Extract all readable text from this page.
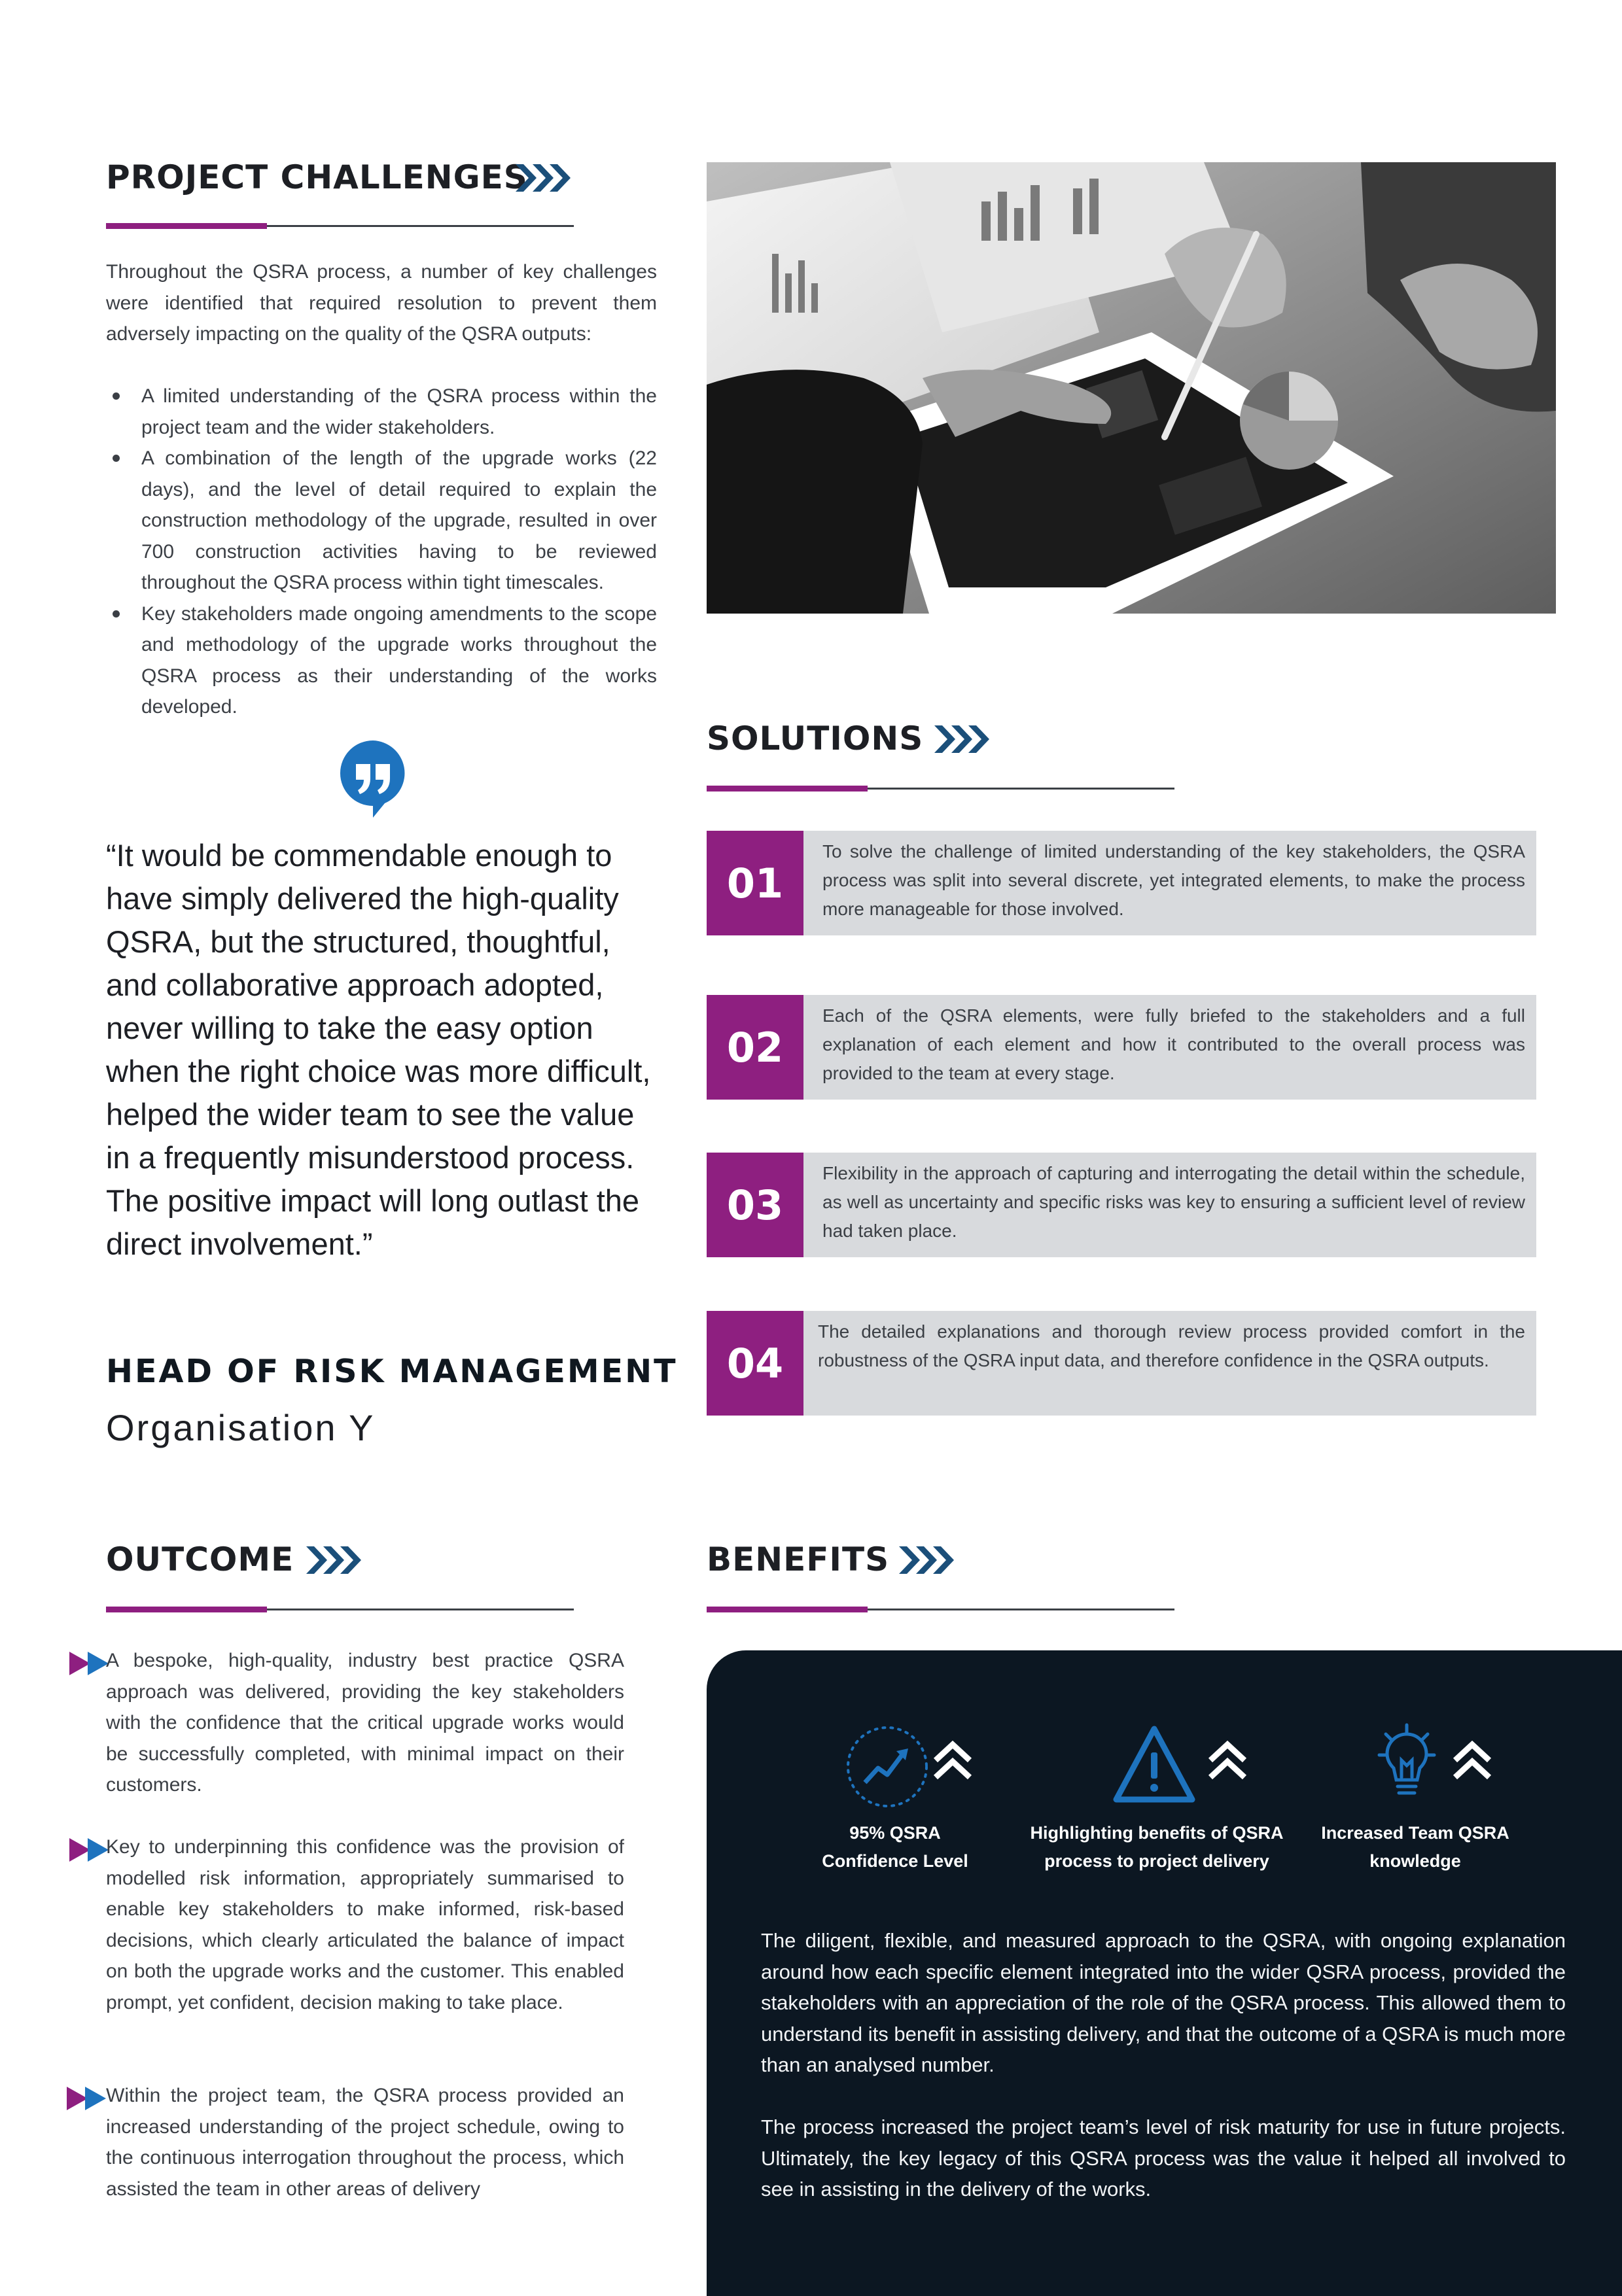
PROJECT CHALLENGES
Throughout the QSRA process, a number of key challenges were identified that required resolution to prevent them adversely impacting on the quality of the QSRA outputs:
A limited understanding of the QSRA process within the project team and the wider stakeholders.
A combination of the length of the upgrade works (22 days), and the level of detail required to explain the construction methodology of the upgrade, resulted in over 700 construction activities having to be reviewed throughout the QSRA process within tight timescales.
Key stakeholders made ongoing amendments to the scope and methodology of the upgrade works throughout the QSRA process as their understanding of the works developed.
“It would be commendable enough to have simply delivered the high-quality QSRA, but the structured, thoughtful, and collaborative approach adopted, never willing to take the easy option when the right choice was more difficult, helped the wider team to see the value in a frequently misunderstood process. The positive impact will long outlast the direct involvement.”
HEAD OF RISK MANAGEMENT
Organisation Y
SOLUTIONS
01
To solve the challenge of limited understanding of the key stakeholders, the QSRA process was split into several discrete, yet integrated elements, to make the process more manageable for those involved.
02
Each of the QSRA elements, were fully briefed to the stakeholders and a full explanation of each element and how it contributed to the overall process was provided to the team at every stage.
03
Flexibility in the approach of capturing and interrogating the detail within the schedule, as well as uncertainty and specific risks was key to ensuring a sufficient level of review had taken place.
04
The detailed explanations and thorough review process provided comfort in the robustness of the QSRA input data, and therefore confidence in the QSRA outputs.
OUTCOME
A bespoke, high-quality, industry best practice QSRA approach was delivered, providing the key stakeholders with the confidence that the critical upgrade works would be successfully completed, with minimal impact on their customers.
Key to underpinning this confidence was the provision of modelled risk information, appropriately summarised to enable key stakeholders to make informed, risk-based decisions, which clearly articulated the balance of impact on both the upgrade works and the customer. This enabled prompt, yet confident, decision making to take place.
Within the project team, the QSRA process provided an increased understanding of the project schedule, owing to the continuous interrogation throughout the process, which assisted the team in other areas of delivery
BENEFITS
95% QSRA
Confidence Level
Highlighting benefits of QSRA
process to project delivery
Increased Team QSRA
knowledge
The diligent, flexible, and measured approach to the QSRA, with ongoing explanation around how each specific element integrated into the wider QSRA process, provided the stakeholders with an appreciation of the role of the QSRA process. This allowed them to understand its benefit in assisting delivery, and that the outcome of a QSRA is much more than an analysed number.
The process increased the project team’s level of risk maturity for use in future projects. Ultimately, the key legacy of this QSRA process was the value it helped all involved to see in assisting in the delivery of the works.
